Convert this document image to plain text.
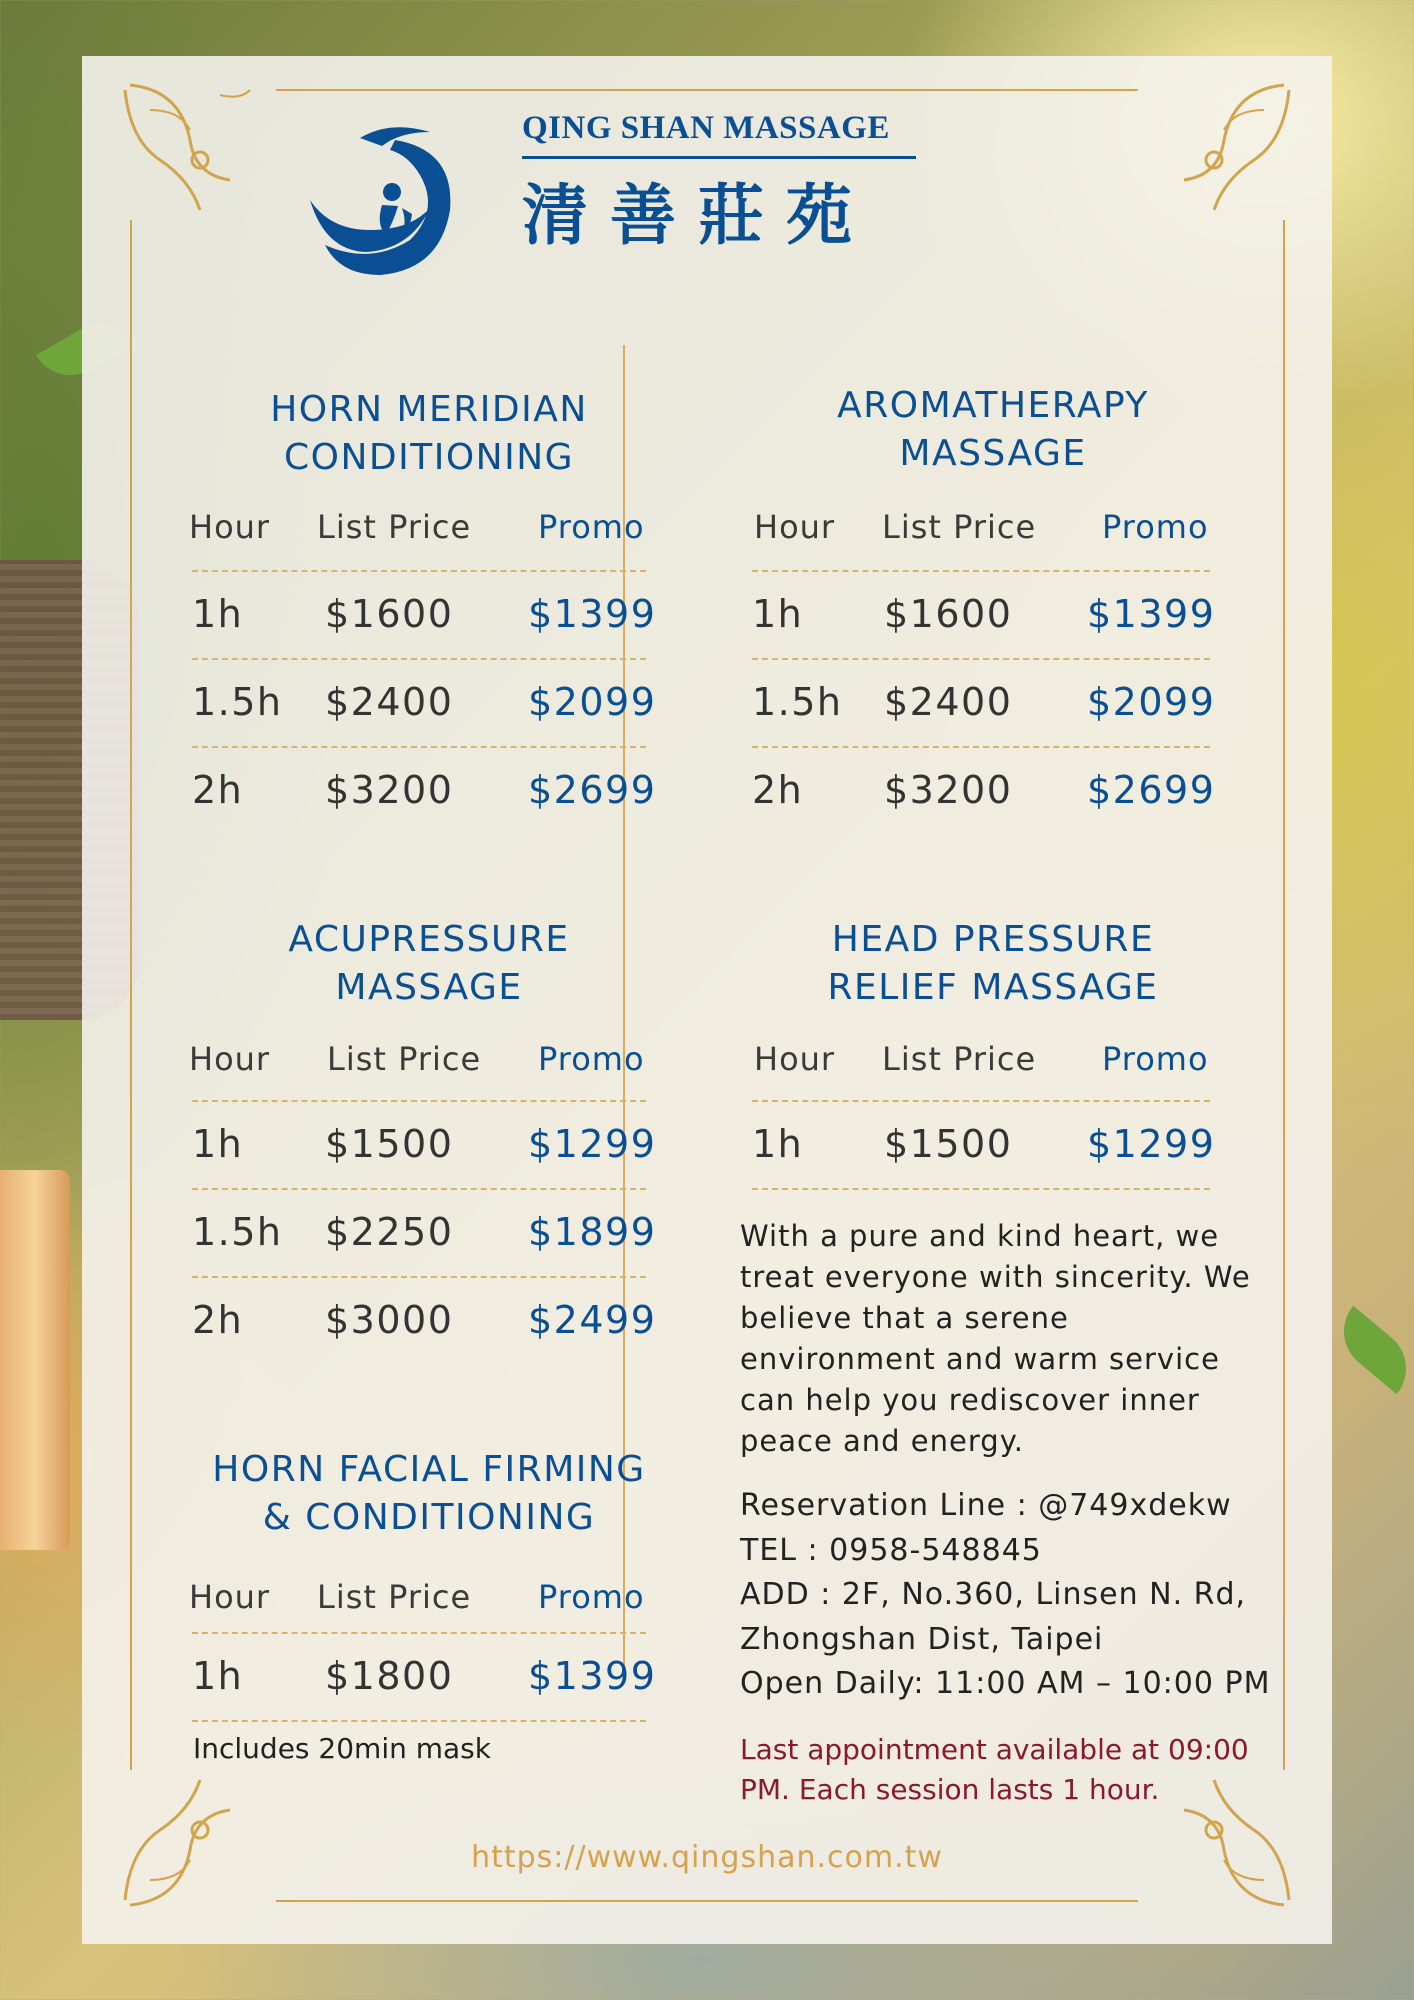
QING SHAN MASSAGE
清善莊苑
HORN MERIDIAN
CONDITIONING
Hour List Price Promo
1h $1600 $1399
1.5h $2400 $2099
2h $3200 $2699
AROMATHERAPY
MASSAGE
Hour List Price Promo
1h $1600 $1399
1.5h $2400 $2099
2h $3200 $2699
ACUPRESSURE
MASSAGE
Hour List Price Promo
1h $1500 $1299
1.5h $2250 $1899
2h $3000 $2499
HEAD PRESSURE
RELIEF MASSAGE
Hour List Price Promo
1h $1500 $1299
HORN FACIAL FIRMING
& CONDITIONING
Hour List Price Promo
1h $1800 $1399
Includes 20min mask
With a pure and kind heart, we treat everyone with sincerity. We believe that a serene environment and warm service can help you rediscover inner peace and energy.
Reservation Line : @749xdekw
TEL : 0958-548845
ADD : 2F, No.360, Linsen N. Rd,
Zhongshan Dist, Taipei
Open Daily: 11:00 AM – 10:00 PM
Last appointment available at 09:00 PM. Each session lasts 1 hour.
https://www.qingshan.com.tw
